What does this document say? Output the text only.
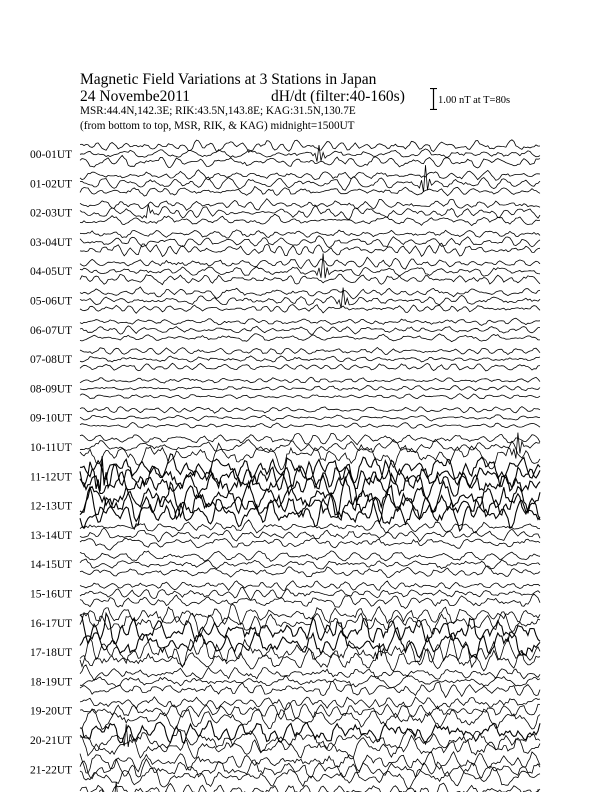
Magnetic Field Variations at 3 Stations in Japan
24 Novembe2011	dH/dt (filter:40-160s)
MSR:44.4N,142.3E; RIK:43.5N,143.8E; KAG:31.5N,130.7E
(from bottom to top, MSR, RIK, & KAG) midnight=1500UT
1.00 nT at T=80s
00-01UT
01-02UT
02-03UT
03-04UT
04-05UT
05-06UT
06-07UT
07-08UT
08-09UT
09-10UT
10-11UT
11-12UT
12-13UT
13-14UT
14-15UT
15-16UT
16-17UT
17-18UT
18-19UT
19-20UT
20-21UT
21-22UT
